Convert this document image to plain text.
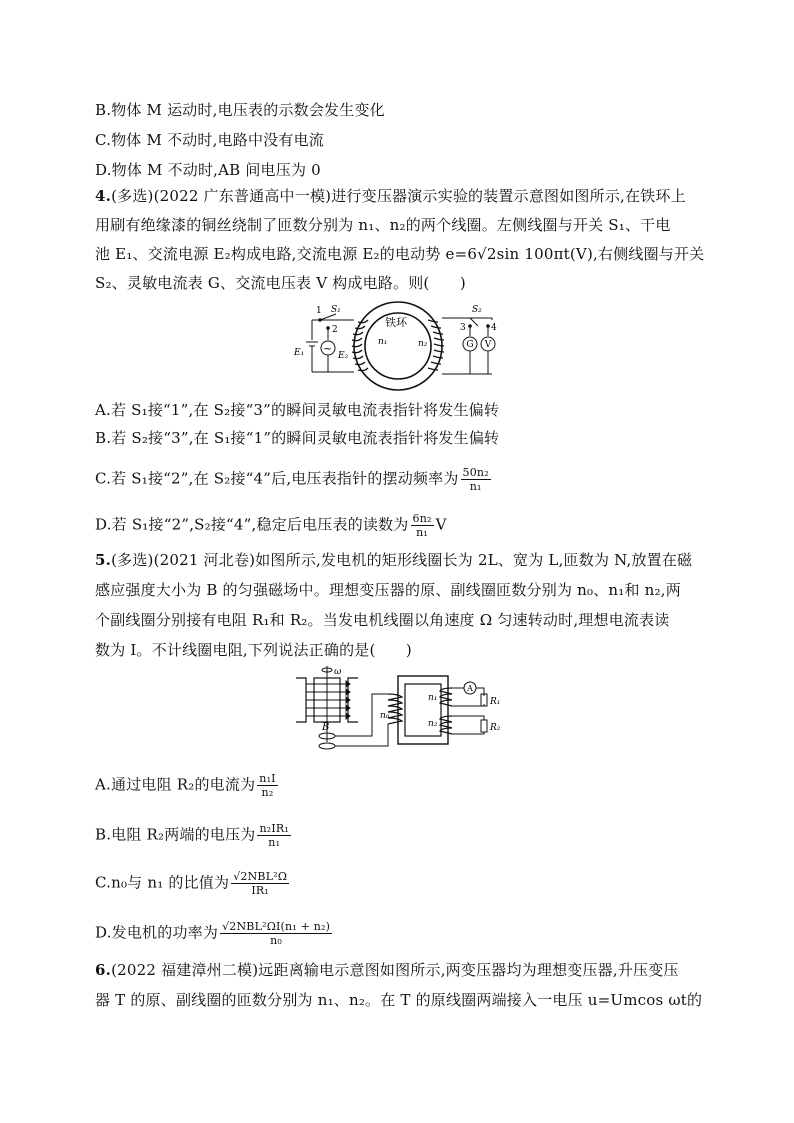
B.物体 M 运动时,电压表的示数会发生变化
C.物体 M 不动时,电路中没有电流
D.物体 M 不动时,AB 间电压为 0
4.(多选)(2022 广东普通高中一模)进行变压器演示实验的装置示意图如图所示,在铁环上
用刷有绝缘漆的铜丝绕制了匝数分别为 n₁、n₂的两个线圈。左侧线圈与开关 S₁、干电
池 E₁、交流电源 E₂构成电路,交流电源 E₂的电动势 e=6√2sin 100πt(V),右侧线圈与开关
S₂、灵敏电流表 G、交流电压表 V 构成电路。则(　　)
铁环
n₁	n₂
1
2
S₁
~
E₁	E₂
3	4
S₂
G V
A.若 S₁接“1”,在 S₂接“3”的瞬间灵敏电流表指针将发生偏转
B.若 S₂接“3”,在 S₁接“1”的瞬间灵敏电流表指针将发生偏转
C.若 S₁接“2”,在 S₂接“4”后,电压表指针的摆动频率为 $\frac{\text{50n₂}}{\text{n₁}}$
D.若 S₁接“2”,S₂接“4”,稳定后电压表的读数为 $\frac{\text{6n₂}}{\text{n₁}}$ V
5.(多选)(2021 河北卷)如图所示,发电机的矩形线圈长为 2L、宽为 L,匝数为 N,放置在磁
感应强度大小为 B 的匀强磁场中。理想变压器的原、副线圈匝数分别为 n₀、n₁和 n₂,两
个副线圈分别接有电阻 R₁和 R₂。当发电机线圈以角速度 Ω 匀速转动时,理想电流表读
数为 I。不计线圈电阻,下列说法正确的是(　　)
ω
B
n₀
n₁
n₂
A
R₁
R₂
A.通过电阻 R₂的电流为 $\frac{\text{n₁I}}{\text{n₂}}$
B.电阻 R₂两端的电压为 $\frac{\text{n₂IR₁}}{\text{n₁}}$
C.n₀与 n₁ 的比值为 $\frac{\text{√2NBL²Ω}}{\text{IR₁}}$
D.发电机的功率为 $\frac{\text{√2NBL²ΩI(n₁ + n₂)}}{\text{n₀}}$
6.(2022 福建漳州二模)远距离输电示意图如图所示,两变压器均为理想变压器,升压变压
器 T 的原、副线圈的匝数分别为 n₁、n₂。在 T 的原线圈两端接入一电压 u=Umcos ωt的
